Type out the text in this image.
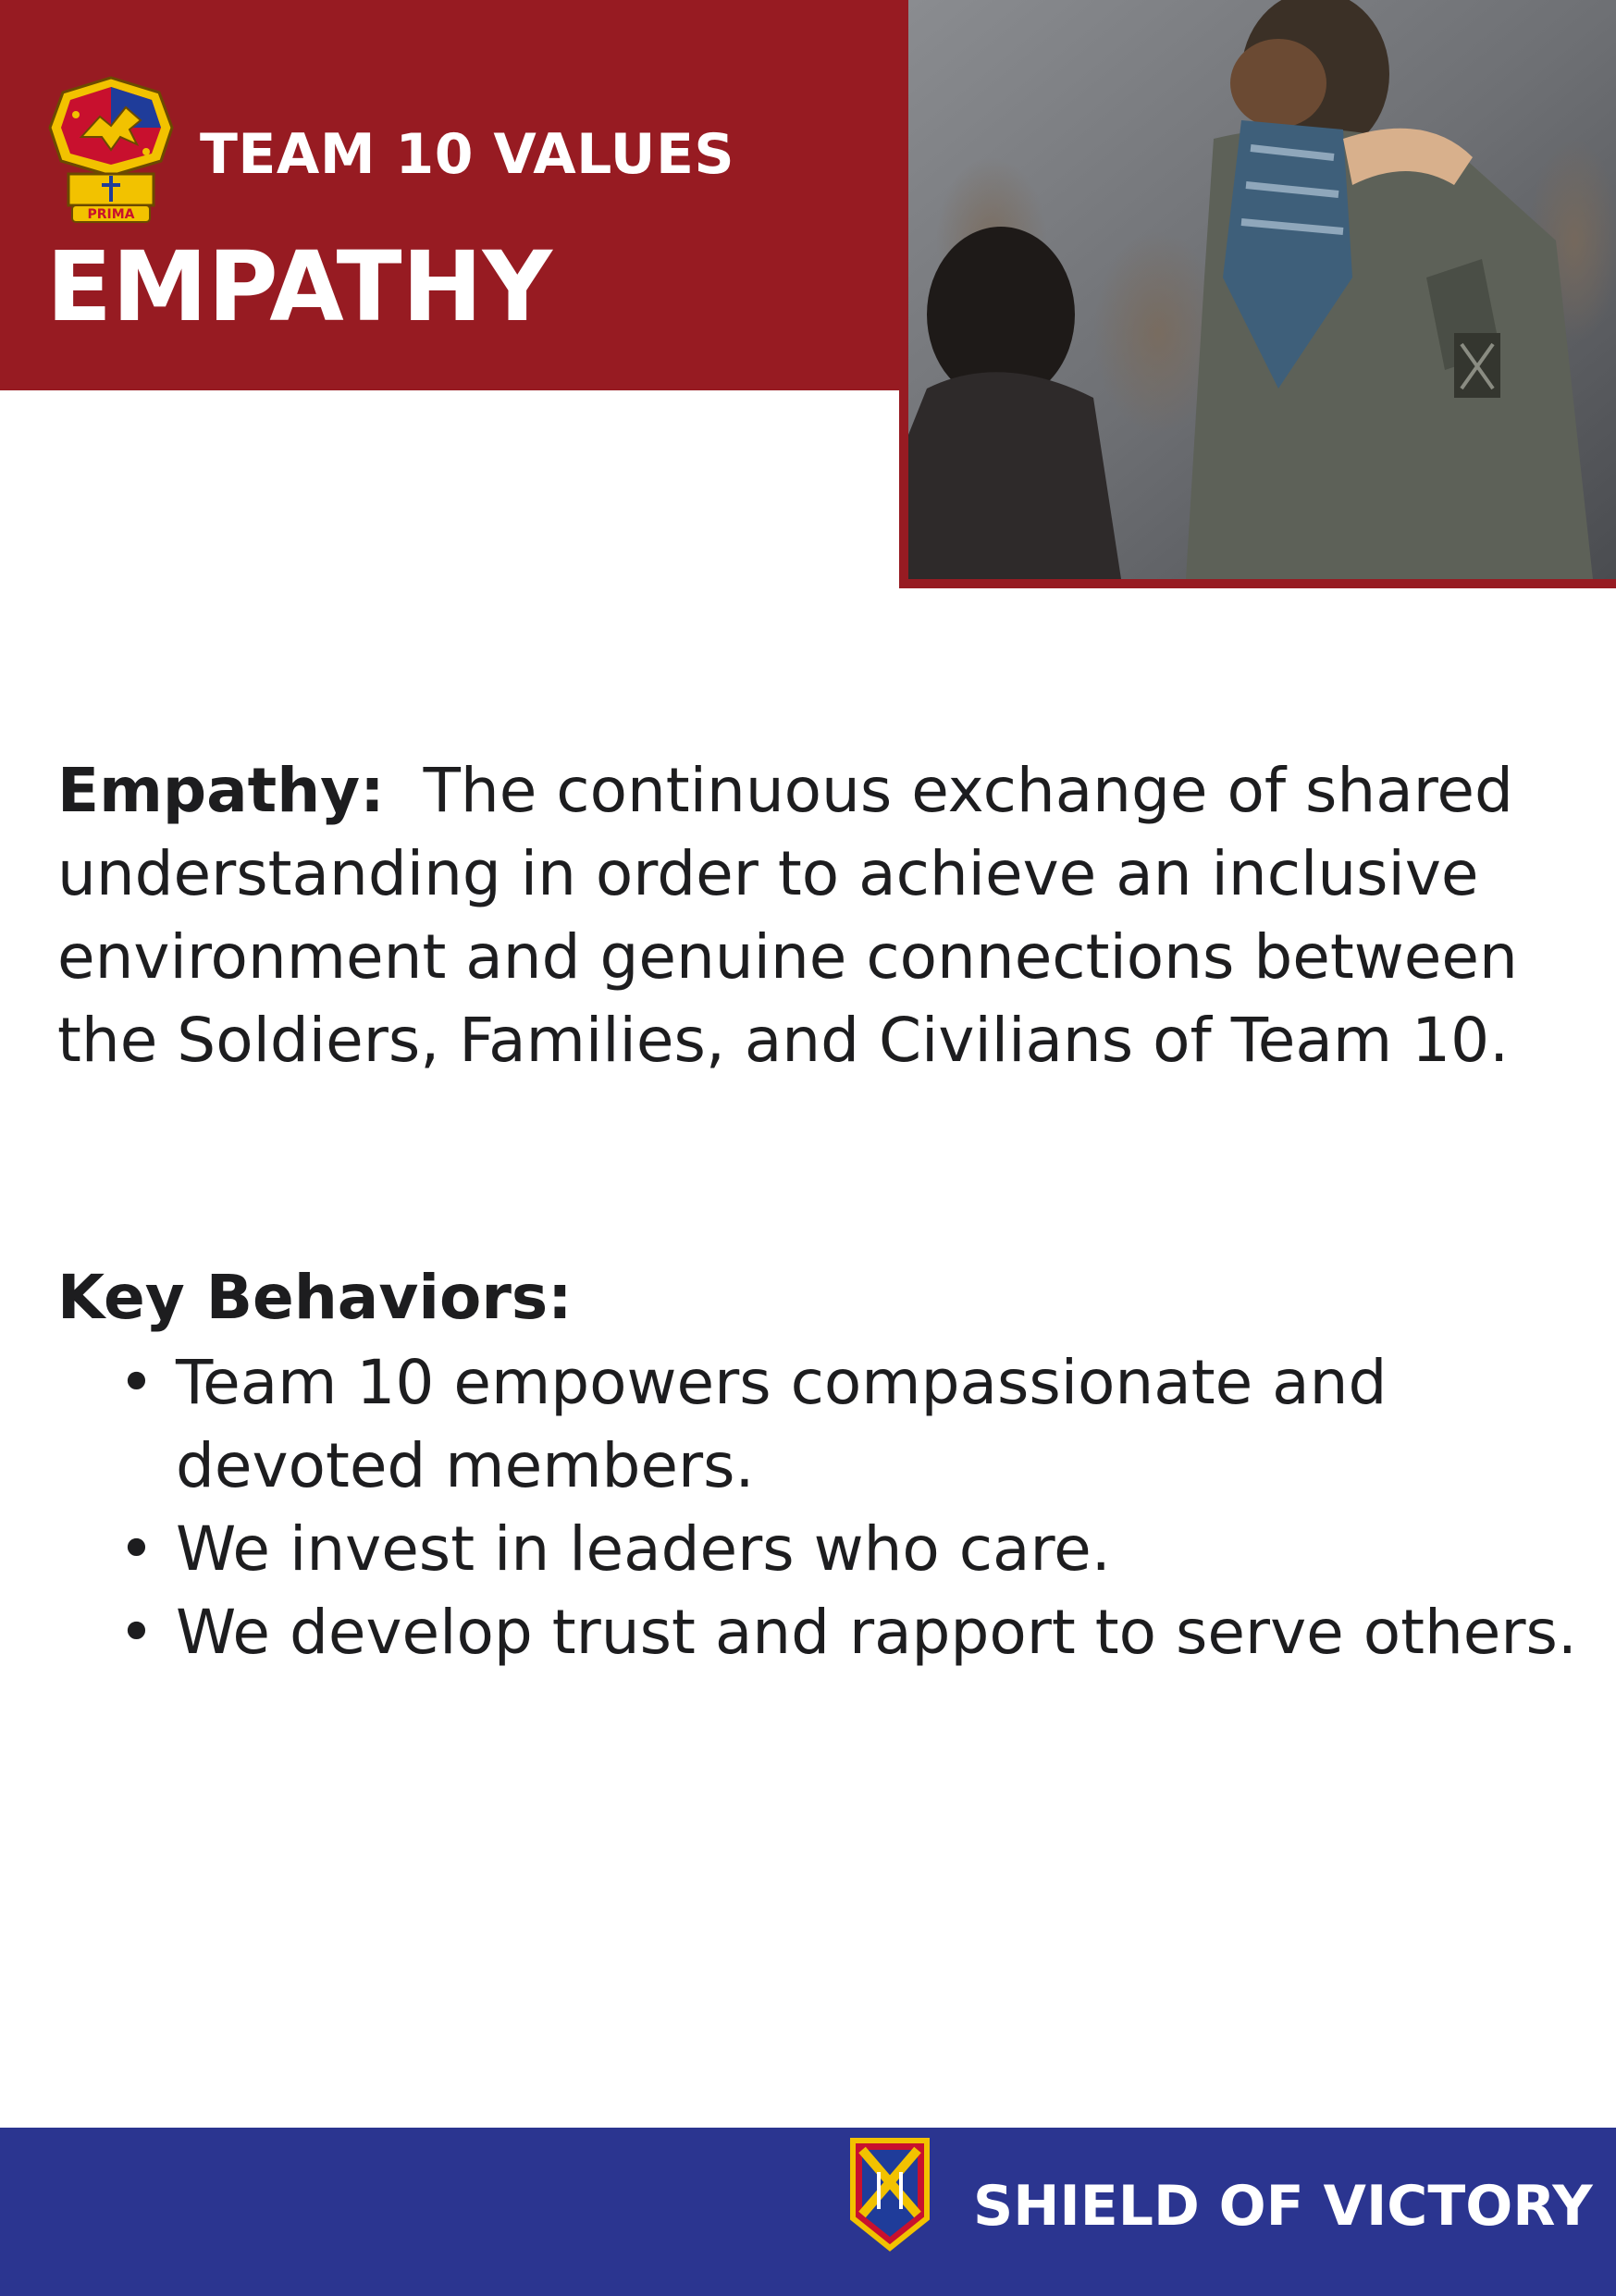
PRIMA
TEAM 10 VALUES
EMPATHY
Empathy: The continuous exchange of shared understanding in order to achieve an inclusive environment and genuine connections between the Soldiers, Families, and Civilians of Team 10.
Key Behaviors:
• Team 10 empowers compassionate and devoted members.
• We invest in leaders who care.
• We develop trust and rapport to serve others.
SHIELD OF VICTORY
